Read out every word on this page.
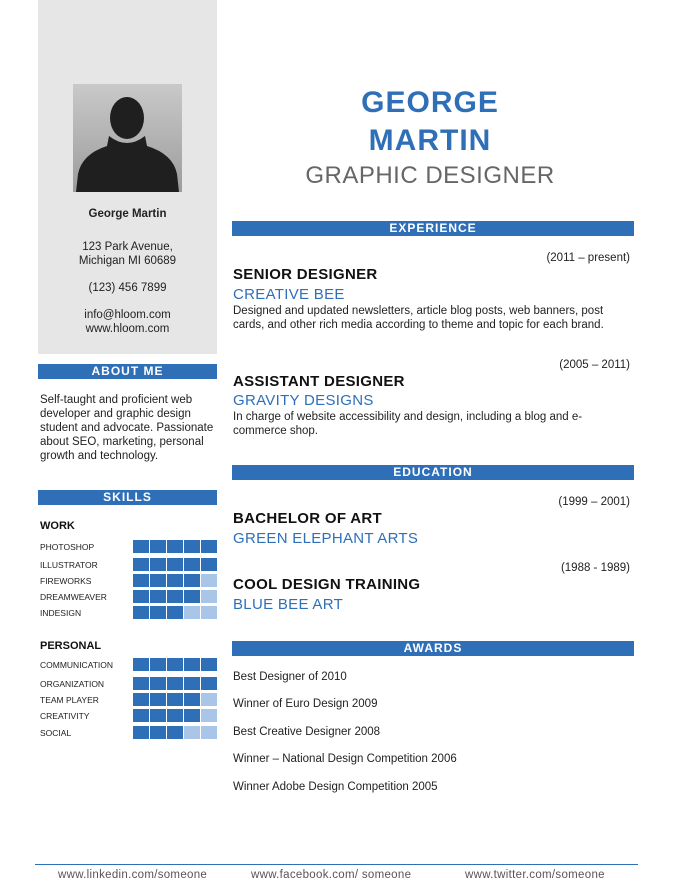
George Martin
123 Park Avenue,
Michigan MI 60689
(123) 456 7899
info@hloom.com
www.hloom.com
ABOUT ME
Self-taught and proficient web developer and graphic design student and advocate. Passionate about SEO, marketing, personal growth and technology.
SKILLS
WORK
PHOTOSHOP
ILLUSTRATOR
FIREWORKS
DREAMWEAVER
INDESIGN
PERSONAL
COMMUNICATION
ORGANIZATION
TEAM PLAYER
CREATIVITY
SOCIAL
GEORGE
MARTIN
GRAPHIC DESIGNER
EXPERIENCE
(2011 – present)
SENIOR DESIGNER
CREATIVE BEE
Designed and updated newsletters, article blog posts, web banners, post cards, and other rich media according to theme and topic for each brand.
(2005 – 2011)
ASSISTANT DESIGNER
GRAVITY DESIGNS
In charge of website accessibility and design, including a blog and e-commerce shop.
EDUCATION
(1999 – 2001)
BACHELOR OF ART
GREEN ELEPHANT ARTS
(1988 - 1989)
COOL DESIGN TRAINING
BLUE BEE ART
AWARDS
Best Designer of 2010
Winner of Euro Design 2009
Best Creative Designer 2008
Winner – National Design Competition 2006
Winner Adobe Design Competition 2005
www.linkedin.com/someone	www.facebook.com/ someone	www.twitter.com/someone
